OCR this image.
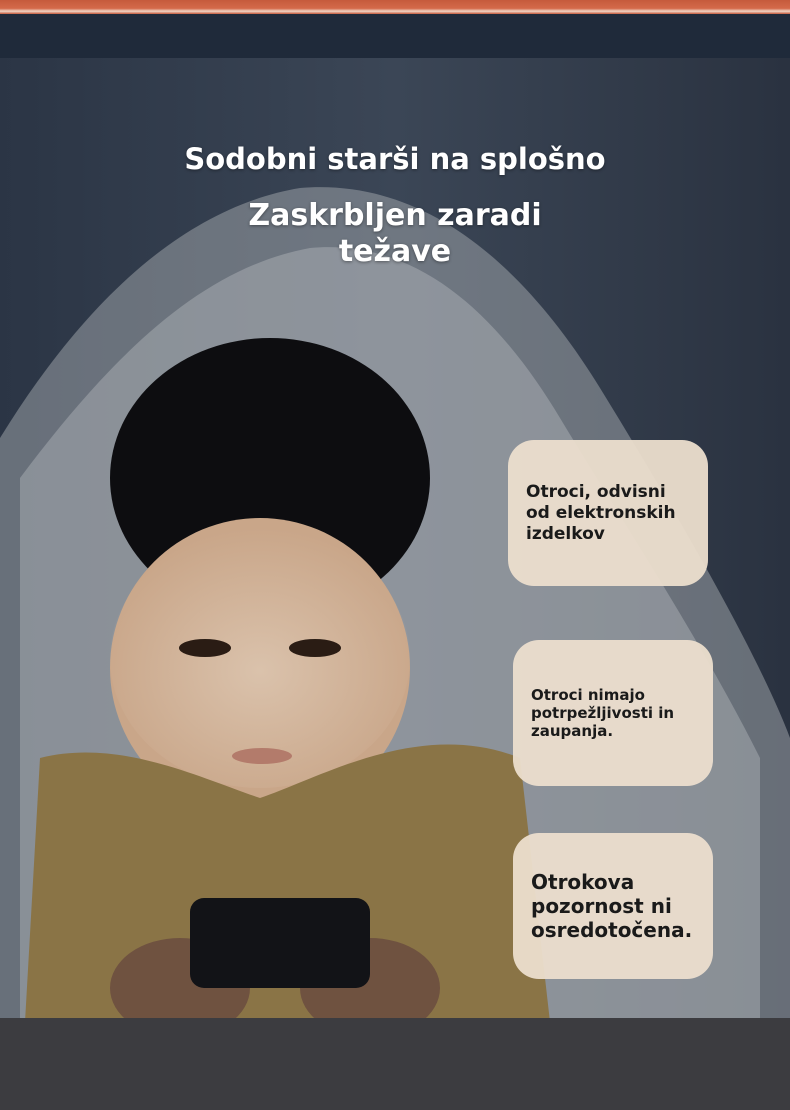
Sodobni starši na splošno
Zaskrbljen zaradi težave
Otroci, odvisni od elektronskih izdelkov
Otroci nimajo potrpežljivosti in zaupanja.
Otrokova pozornost ni osredotočena.
